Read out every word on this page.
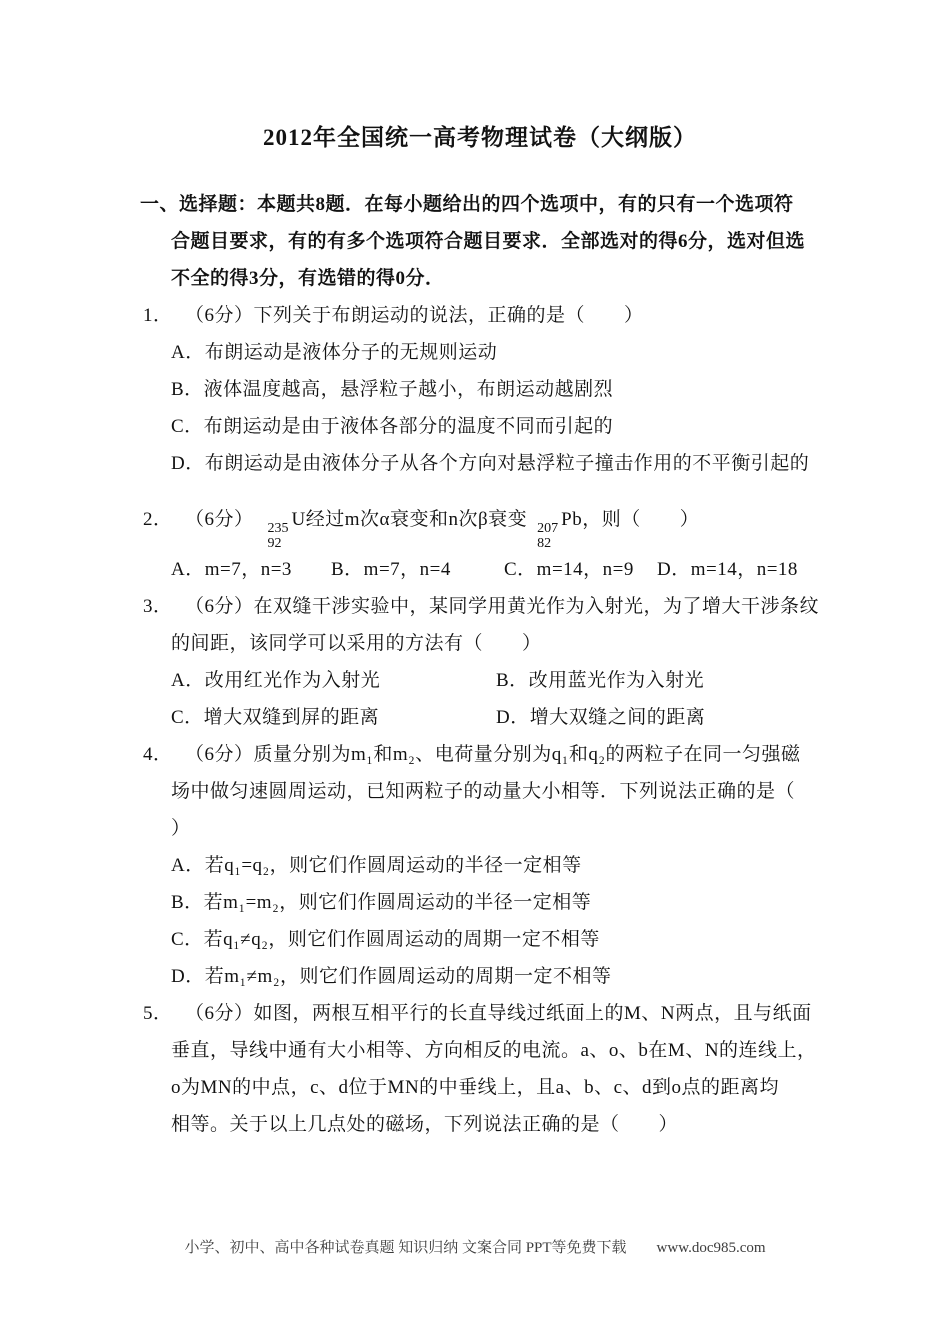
2012年全国统一高考物理试卷（大纲版）
一、选择题：本题共8题．在每小题给出的四个选项中，有的只有一个选项符
合题目要求，有的有多个选项符合题目要求．全部选对的得6分，选对但选
不全的得3分，有选错的得0分．
1． （6分）下列关于布朗运动的说法，正确的是（　　）
A．布朗运动是液体分子的无规则运动
B．液体温度越高，悬浮粒子越小，布朗运动越剧烈
C．布朗运动是由于液体各部分的温度不同而引起的
D．布朗运动是由液体分子从各个方向对悬浮粒子撞击作用的不平衡引起的
2． （6分） 235
92
U经过m次α衰变和n次β衰变 207
82
Pb，则（　　）
A．m=7，n=3 B．m=7，n=4	C．m=14，n=9 D．m=14，n=18
3． （6分）在双缝干涉实验中，某同学用黄光作为入射光，为了增大干涉条纹
的间距，该同学可以采用的方法有（　　）
A．改用红光作为入射光	B．改用蓝光作为入射光
C．增大双缝到屏的距离	D．增大双缝之间的距离
4． （6分）质量分别为m₁和m₂、电荷量分别为q₁和q₂的两粒子在同一匀强磁
场中做匀速圆周运动，已知两粒子的动量大小相等．下列说法正确的是（
）
A．若q₁=q₂，则它们作圆周运动的半径一定相等
B．若m₁=m₂，则它们作圆周运动的半径一定相等
C．若q₁≠q₂，则它们作圆周运动的周期一定不相等
D．若m₁≠m₂，则它们作圆周运动的周期一定不相等
5． （6分）如图，两根互相平行的长直导线过纸面上的M、N两点，且与纸面
垂直，导线中通有大小相等、方向相反的电流。a、o、b在M、N的连线上，
o为MN的中点，c、d位于MN的中垂线上，且a、b、c、d到o点的距离均
相等。关于以上几点处的磁场，下列说法正确的是（　　）
小学、初中、高中各种试卷真题 知识归纳 文案合同 PPT等免费下载 www.doc985.com
